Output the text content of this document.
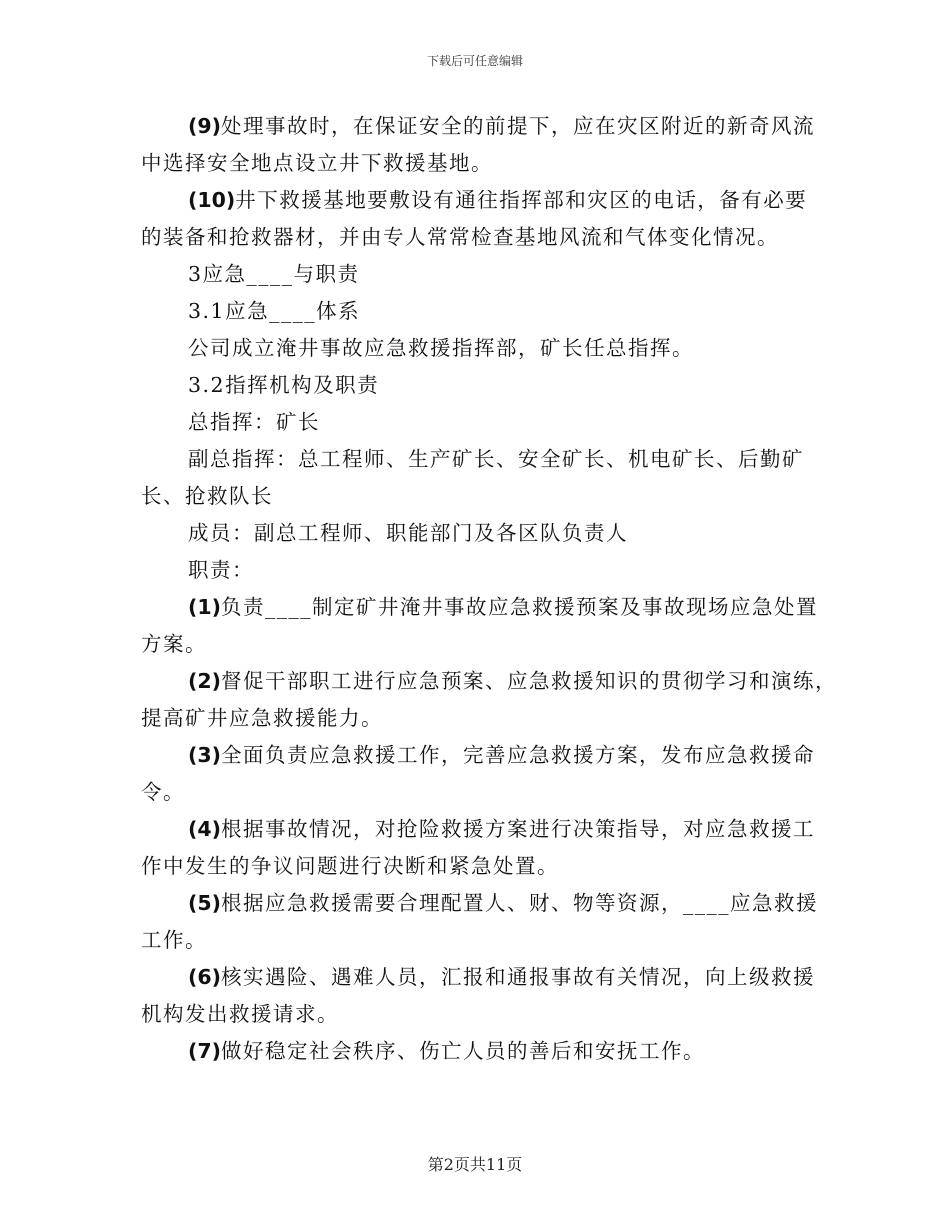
下载后可任意编辑
(9)处理事故时，在保证安全的前提下，应在灾区附近的新奇风流
中选择安全地点设立井下救援基地。
(10)井下救援基地要敷设有通往指挥部和灾区的电话，备有必要
的装备和抢救器材，并由专人常常检查基地风流和气体变化情况。
3应急____与职责
3.1应急____体系
公司成立淹井事故应急救援指挥部，矿长任总指挥。
3.2指挥机构及职责
总指挥：矿长
副总指挥：总工程师、生产矿长、安全矿长、机电矿长、后勤矿
长、抢救队长
成员：副总工程师、职能部门及各区队负责人
职责：
(1)负责____制定矿井淹井事故应急救援预案及事故现场应急处置
方案。
(2)督促干部职工进行应急预案、应急救援知识的贯彻学习和演练，
提高矿井应急救援能力。
(3)全面负责应急救援工作，完善应急救援方案，发布应急救援命
令。
(4)根据事故情况，对抢险救援方案进行决策指导，对应急救援工
作中发生的争议问题进行决断和紧急处置。
(5)根据应急救援需要合理配置人、财、物等资源，____应急救援
工作。
(6)核实遇险、遇难人员，汇报和通报事故有关情况，向上级救援
机构发出救援请求。
(7)做好稳定社会秩序、伤亡人员的善后和安抚工作。
第2页共11页
